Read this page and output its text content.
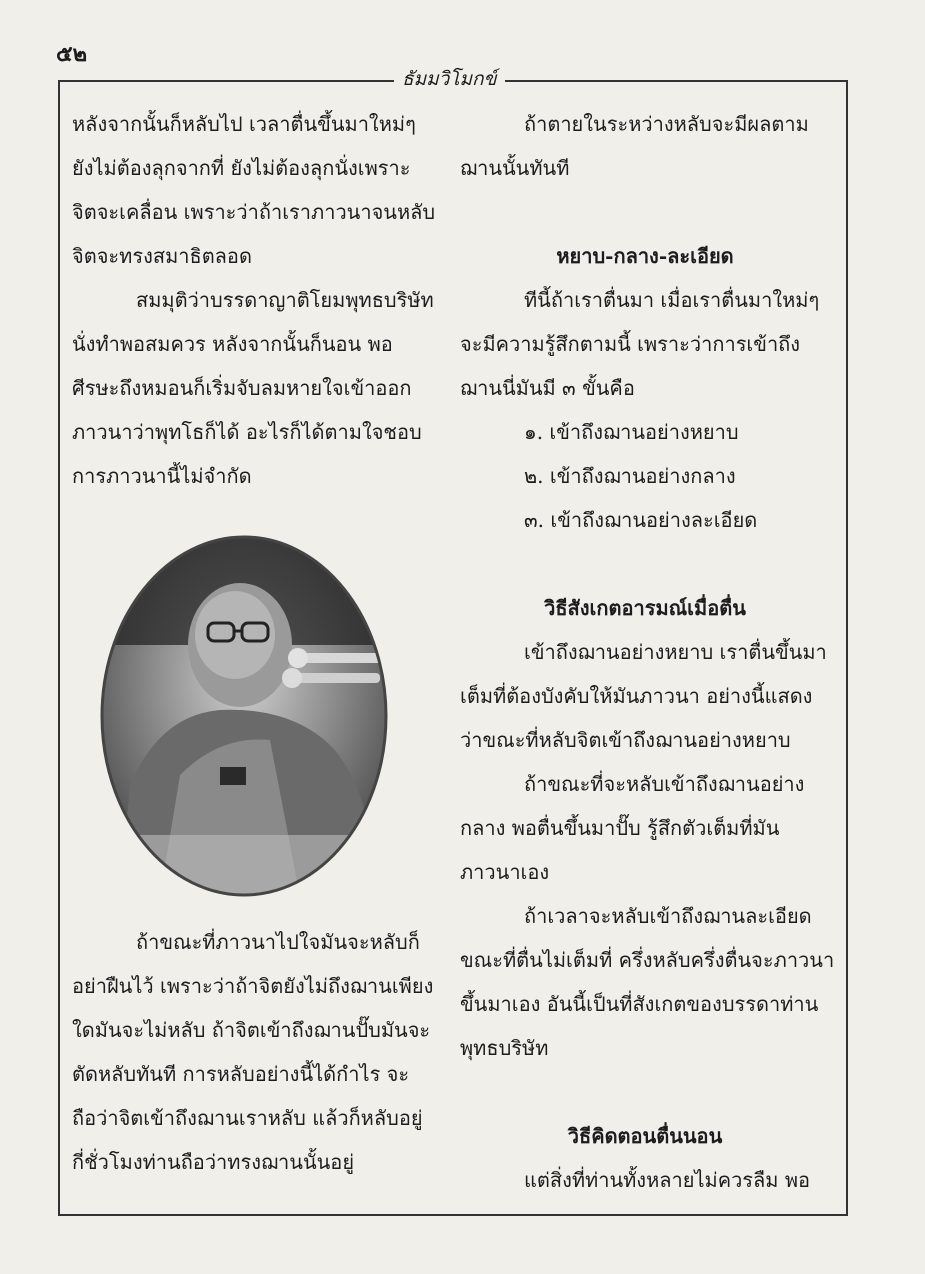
๕๒
ธัมมวิโมกข์
หลังจากนั้นก็หลับไป เวลาตื่นขึ้นมาใหม่ๆ
ยังไม่ต้องลุกจากที่ ยังไม่ต้องลุกนั่งเพราะ
จิตจะเคลื่อน เพราะว่าถ้าเราภาวนาจนหลับ
จิตจะทรงสมาธิตลอด
สมมุติว่าบรรดาญาติโยมพุทธบริษัท
นั่งทำพอสมควร หลังจากนั้นก็นอน พอ
ศีรษะถึงหมอนก็เริ่มจับลมหายใจเข้าออก
ภาวนาว่าพุทโธก็ได้ อะไรก็ได้ตามใจชอบ
การภาวนานี้ไม่จำกัด
ถ้าขณะที่ภาวนาไปใจมันจะหลับก็
อย่าฝืนไว้ เพราะว่าถ้าจิตยังไม่ถึงฌานเพียง
ใดมันจะไม่หลับ ถ้าจิตเข้าถึงฌานปั๊บมันจะ
ตัดหลับทันที การหลับอย่างนี้ได้กำไร จะ
ถือว่าจิตเข้าถึงฌานเราหลับ แล้วก็หลับอยู่
กี่ชั่วโมงท่านถือว่าทรงฌานนั้นอยู่
ถ้าตายในระหว่างหลับจะมีผลตาม
ฌานนั้นทันที

หยาบ-กลาง-ละเอียด
ทีนี้ถ้าเราตื่นมา เมื่อเราตื่นมาใหม่ๆ
จะมีความรู้สึกตามนี้ เพราะว่าการเข้าถึง
ฌานนี่มันมี ๓ ขั้นคือ
๑. เข้าถึงฌานอย่างหยาบ
๒. เข้าถึงฌานอย่างกลาง
๓. เข้าถึงฌานอย่างละเอียด

วิธีสังเกตอารมณ์เมื่อตื่น
เข้าถึงฌานอย่างหยาบ เราตื่นขึ้นมา
เต็มที่ต้องบังคับให้มันภาวนา อย่างนี้แสดง
ว่าขณะที่หลับจิตเข้าถึงฌานอย่างหยาบ
ถ้าขณะที่จะหลับเข้าถึงฌานอย่าง
กลาง พอตื่นขึ้นมาปั๊บ รู้สึกตัวเต็มที่มัน
ภาวนาเอง
ถ้าเวลาจะหลับเข้าถึงฌานละเอียด
ขณะที่ตื่นไม่เต็มที่ ครึ่งหลับครึ่งตื่นจะภาวนา
ขึ้นมาเอง อันนี้เป็นที่สังเกตของบรรดาท่าน
พุทธบริษัท

วิธีคิดตอนตื่นนอน
แต่สิ่งที่ท่านทั้งหลายไม่ควรลืม พอ
